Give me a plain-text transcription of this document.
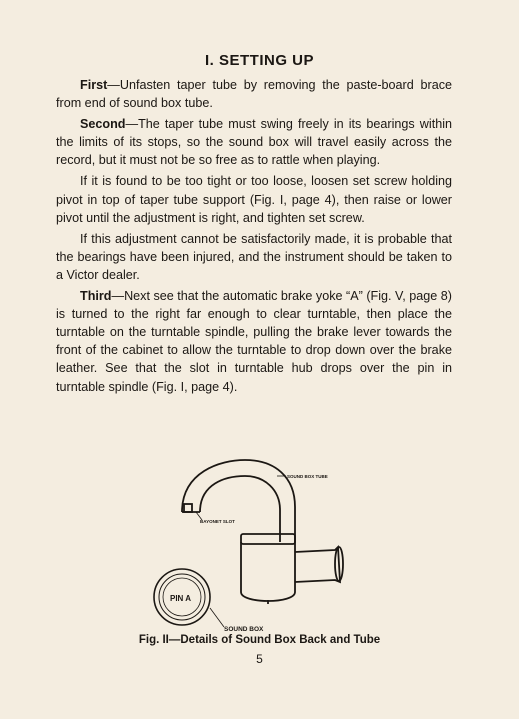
I. SETTING UP

First—Unfasten taper tube by removing the paste-board brace from end of sound box tube.

Second—The taper tube must swing freely in its bearings within the limits of its stops, so the sound box will travel easily across the record, but it must not be so free as to rattle when playing.

If it is found to be too tight or too loose, loosen set screw holding pivot in top of taper tube support (Fig. I, page 4), then raise or lower pivot until the adjustment is right, and tighten set screw.

If this adjustment cannot be satisfactorily made, it is probable that the bearings have been injured, and the instrument should be taken to a Victor dealer.

Third—Next see that the automatic brake yoke “A” (Fig. V, page 8) is turned to the right far enough to clear turntable, then place the turntable on the turntable spindle, pulling the brake lever towards the front of the cabinet to allow the turntable to drop down over the brake leather. See that the slot in turntable hub drops over the pin in turntable spindle (Fig. I, page 4).

SOUND BOX TUBE
BAYONET SLOT
PIN A
SOUND BOX
Fig. II—Details of Sound Box Back and Tube
5
